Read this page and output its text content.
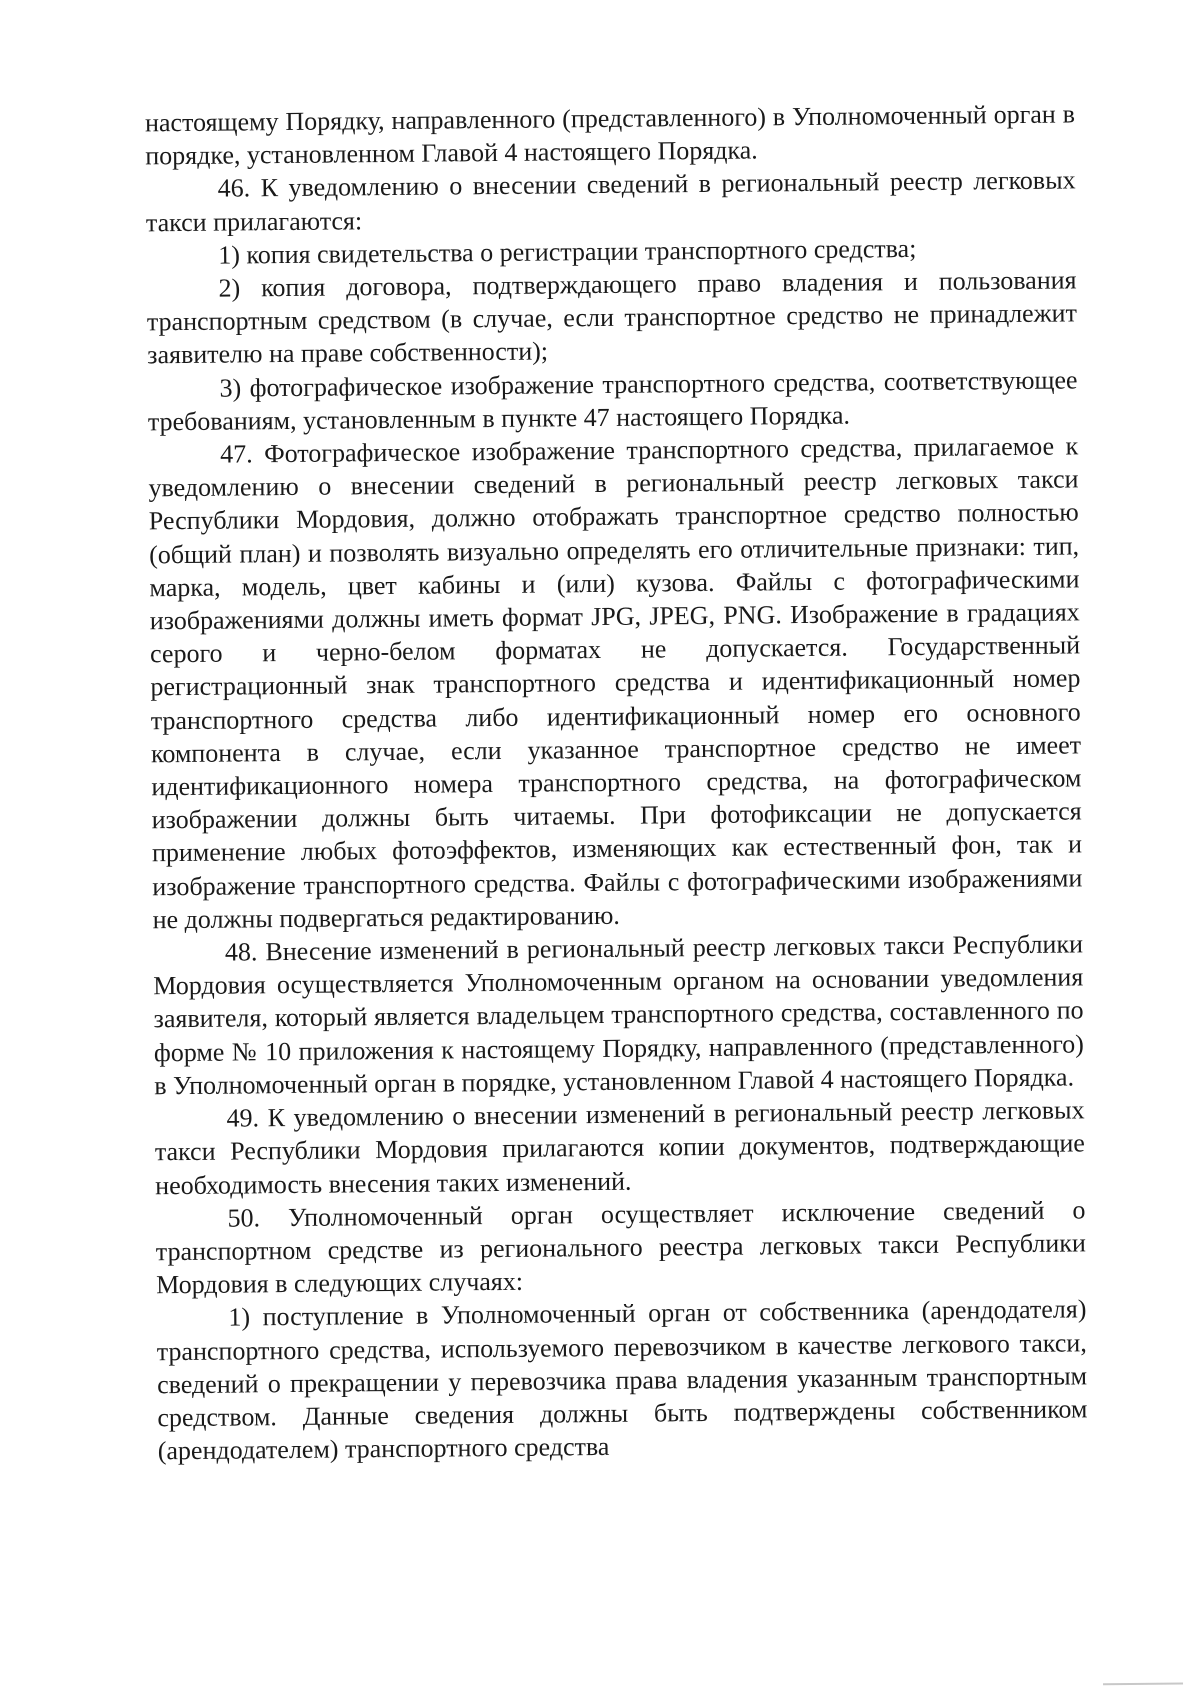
настоящему Порядку, направленного (представленного) в Уполномоченный орган в порядке, установленном Главой 4 настоящего Порядка.

46. К уведомлению о внесении сведений в региональный реестр легковых такси прилагаются:

1) копия свидетельства о регистрации транспортного средства;

2) копия договора, подтверждающего право владения и пользования транспортным средством (в случае, если транспортное средство не принадлежит заявителю на праве собственности);

3) фотографическое изображение транспортного средства, соответствующее требованиям, установленным в пункте 47 настоящего Порядка.

47. Фотографическое изображение транспортного средства, прилагаемое к уведомлению о внесении сведений в региональный реестр легковых такси Республики Мордовия, должно отображать транспортное средство полностью (общий план) и позволять визуально определять его отличительные признаки: тип, марка, модель, цвет кабины и (или) кузова. Файлы с фотографическими изображениями должны иметь формат JPG, JPEG, PNG. Изображение в градациях серого и черно-белом форматах не допускается. Государственный регистрационный знак транспортного средства и идентификационный номер транспортного средства либо идентификационный номер его основного компонента в случае, если указанное транспортное средство не имеет идентификационного номера транспортного средства, на фотографическом изображении должны быть читаемы. При фотофиксации не допускается применение любых фотоэффектов, изменяющих как естественный фон, так и изображение транспортного средства. Файлы с фотографическими изображениями не должны подвергаться редактированию.

48. Внесение изменений в региональный реестр легковых такси Республики Мордовия осуществляется Уполномоченным органом на основании уведомления заявителя, который является владельцем транспортного средства, составленного по форме № 10 приложения к настоящему Порядку, направленного (представленного) в Уполномоченный орган в порядке, установленном Главой 4 настоящего Порядка.

49. К уведомлению о внесении изменений в региональный реестр легковых такси Республики Мордовия прилагаются копии документов, подтверждающие необходимость внесения таких изменений.

50. Уполномоченный орган осуществляет исключение сведений о транспортном средстве из регионального реестра легковых такси Республики Мордовия в следующих случаях:

1) поступление в Уполномоченный орган от собственника (арендодателя) транспортного средства, используемого перевозчиком в качестве легкового такси, сведений о прекращении у перевозчика права владения указанным транспортным средством. Данные сведения должны быть подтверждены собственником (арендодателем) транспортного средства
